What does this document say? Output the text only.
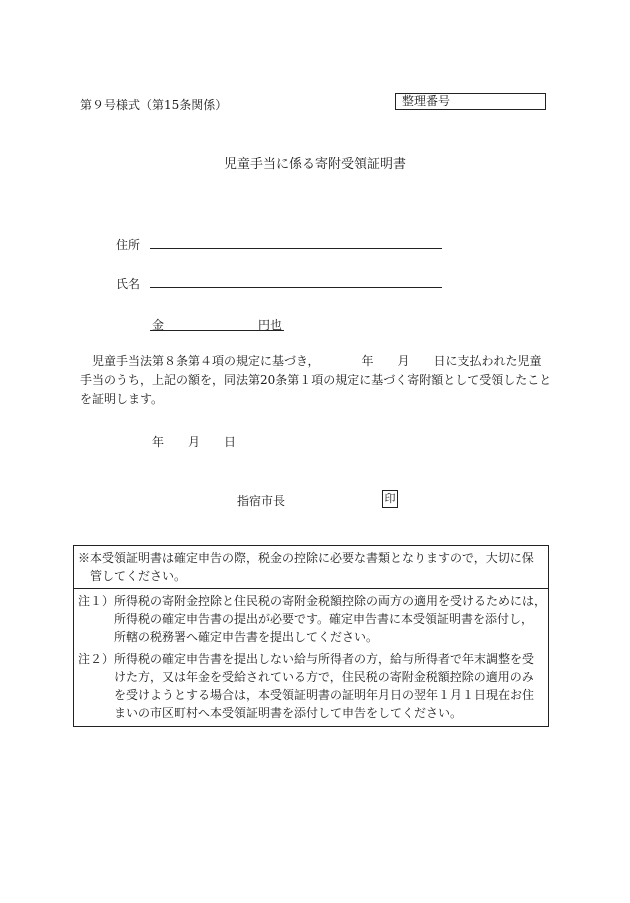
第９号様式（第15条関係）	整理番号
児童手当に係る寄附受領証明書
住所
氏名
金	円也
　児童手当法第８条第４項の規定に基づき，　　　　年　　月　　日に支払われた児童
手当のうち，上記の額を，同法第20条第１項の規定に基づく寄附額として受領したこと
を証明します。
年　　月　　日
指宿市長	印
※本受領証明書は確定申告の際，税金の控除に必要な書類となりますので，大切に保
　管してください。
注１）所得税の寄附金控除と住民税の寄附金税額控除の両方の適用を受けるためには，
　　　所得税の確定申告書の提出が必要です。確定申告書に本受領証明書を添付し，
　　　所轄の税務署へ確定申告書を提出してください。
注２）所得税の確定申告書を提出しない給与所得者の方，給与所得者で年末調整を受
　　　けた方，又は年金を受給されている方で，住民税の寄附金税額控除の適用のみ
　　　を受けようとする場合は，本受領証明書の証明年月日の翌年１月１日現在お住
　　　まいの市区町村へ本受領証明書を添付して申告をしてください。
